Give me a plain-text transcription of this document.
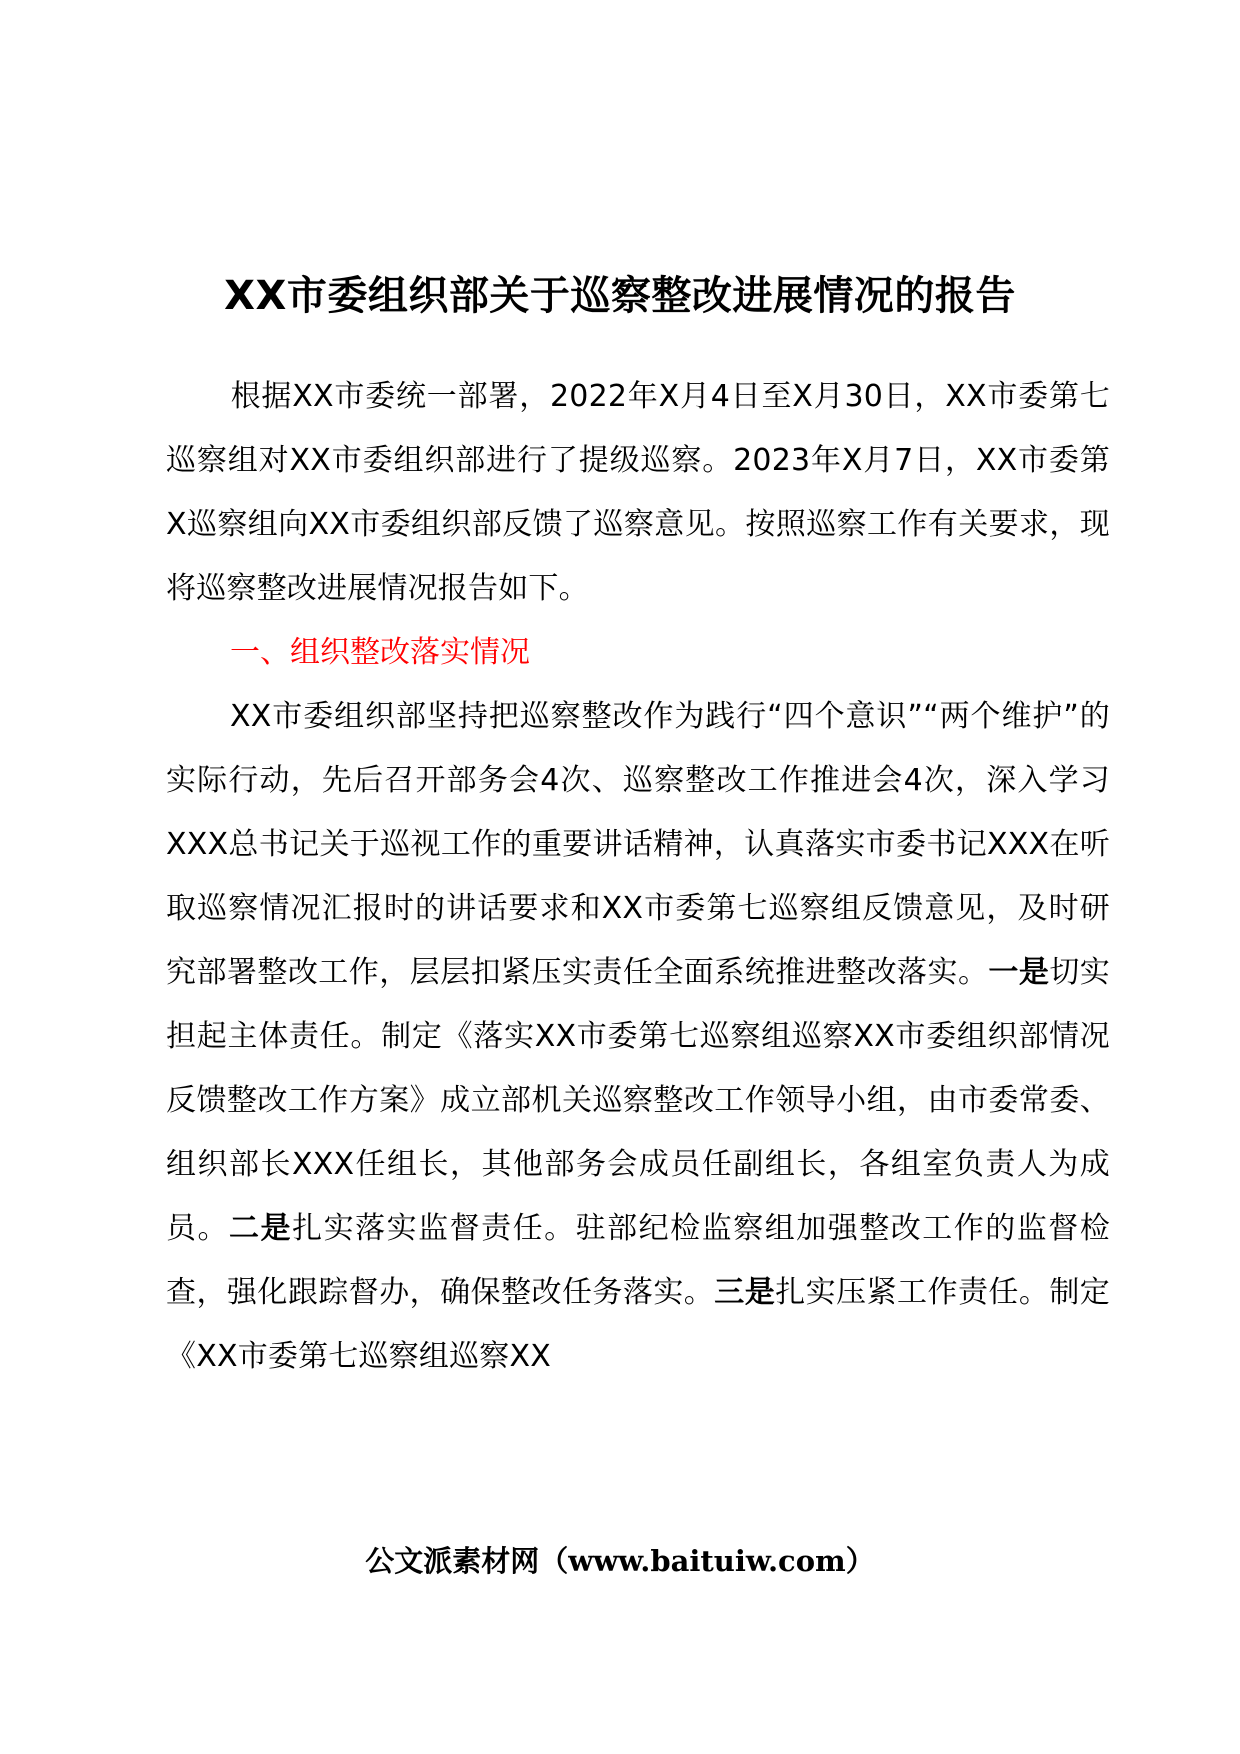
XX市委组织部关于巡察整改进展情况的报告
根据XX市委统一部署，2022年X月4日至X月30日，XX市委第七巡察组对XX市委组织部进行了提级巡察。2023年X月7日，XX市委第X巡察组向XX市委组织部反馈了巡察意见。按照巡察工作有关要求，现将巡察整改进展情况报告如下。
一、组织整改落实情况
XX市委组织部坚持把巡察整改作为践行“四个意识”“两个维护”的实际行动，先后召开部务会4次、巡察整改工作推进会4次，深入学习XXX总书记关于巡视工作的重要讲话精神，认真落实市委书记XXX在听取巡察情况汇报时的讲话要求和XX市委第七巡察组反馈意见，及时研究部署整改工作，层层扣紧压实责任全面系统推进整改落实。一是切实担起主体责任。制定《落实XX市委第七巡察组巡察XX市委组织部情况反馈整改工作方案》成立部机关巡察整改工作领导小组，由市委常委、组织部长XXX任组长，其他部务会成员任副组长，各组室负责人为成员。二是扎实落实监督责任。驻部纪检监察组加强整改工作的监督检查，强化跟踪督办，确保整改任务落实。三是扎实压紧工作责任。制定《XX市委第七巡察组巡察XX
公文派素材网（www.baituiw.com）
